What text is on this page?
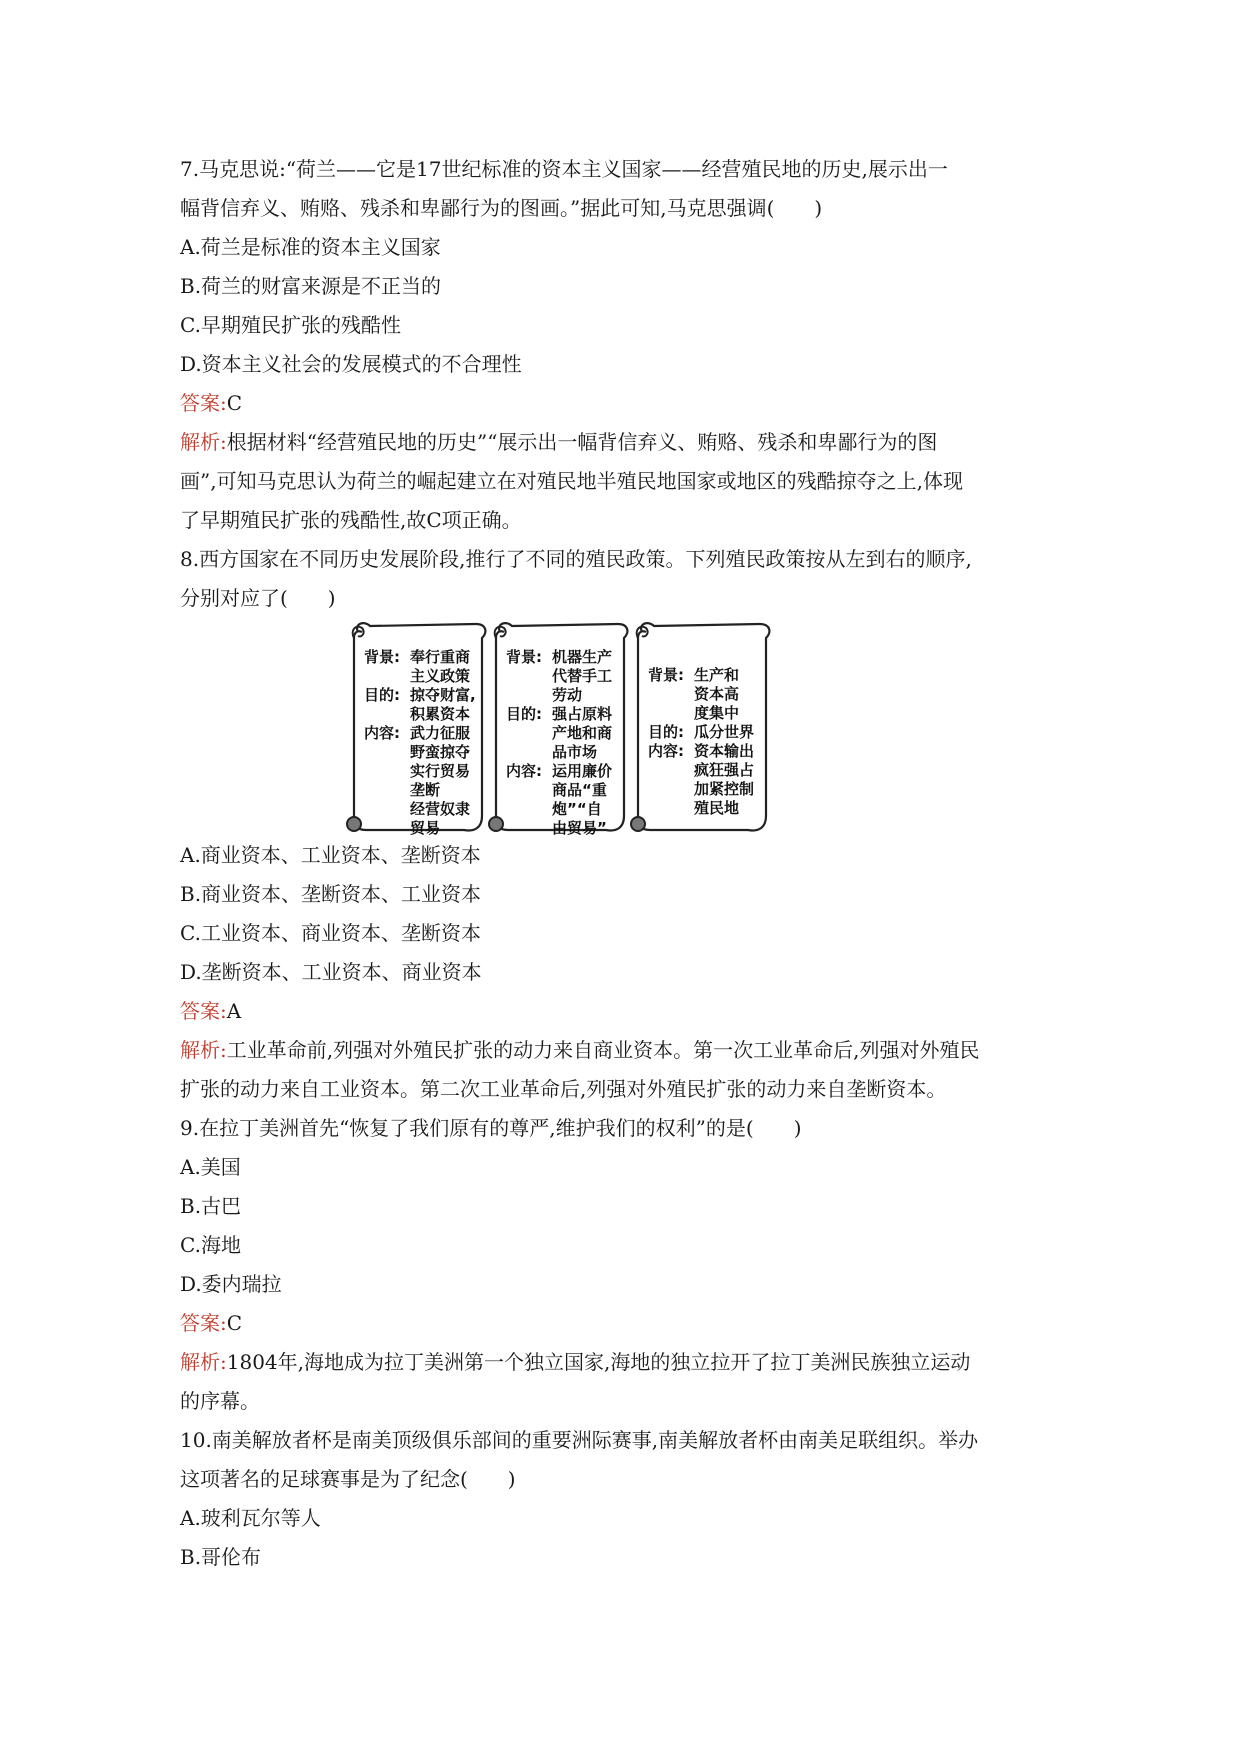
7.马克思说:“荷兰——它是17世纪标准的资本主义国家——经营殖民地的历史,展示出一
幅背信弃义、贿赂、残杀和卑鄙行为的图画。”据此可知,马克思强调(　　)
A.荷兰是标准的资本主义国家
B.荷兰的财富来源是不正当的
C.早期殖民扩张的残酷性
D.资本主义社会的发展模式的不合理性
答案:C
解析:根据材料“经营殖民地的历史”“展示出一幅背信弃义、贿赂、残杀和卑鄙行为的图
画”,可知马克思认为荷兰的崛起建立在对殖民地半殖民地国家或地区的残酷掠夺之上,体现
了早期殖民扩张的残酷性,故C项正确。
8.西方国家在不同历史发展阶段,推行了不同的殖民政策。下列殖民政策按从左到右的顺序,
分别对应了(　　)
背景: 奉行重商
主义政策
目的: 掠夺财富,
积累资本
内容: 武力征服
野蛮掠夺
实行贸易
垄断
经营奴隶
贸易
背景: 机器生产
代替手工
劳动
目的: 强占原料
产地和商
品市场
内容: 运用廉价
商品“重
炮”“自
由贸易”
背景: 生产和
资本高
度集中
目的: 瓜分世界
内容: 资本输出
疯狂强占
加紧控制
殖民地
A.商业资本、工业资本、垄断资本
B.商业资本、垄断资本、工业资本
C.工业资本、商业资本、垄断资本
D.垄断资本、工业资本、商业资本
答案:A
解析:工业革命前,列强对外殖民扩张的动力来自商业资本。第一次工业革命后,列强对外殖民
扩张的动力来自工业资本。第二次工业革命后,列强对外殖民扩张的动力来自垄断资本。
9.在拉丁美洲首先“恢复了我们原有的尊严,维护我们的权利”的是(　　)
A.美国
B.古巴
C.海地
D.委内瑞拉
答案:C
解析:1804年,海地成为拉丁美洲第一个独立国家,海地的独立拉开了拉丁美洲民族独立运动
的序幕。
10.南美解放者杯是南美顶级俱乐部间的重要洲际赛事,南美解放者杯由南美足联组织。举办
这项著名的足球赛事是为了纪念(　　)
A.玻利瓦尔等人
B.哥伦布
